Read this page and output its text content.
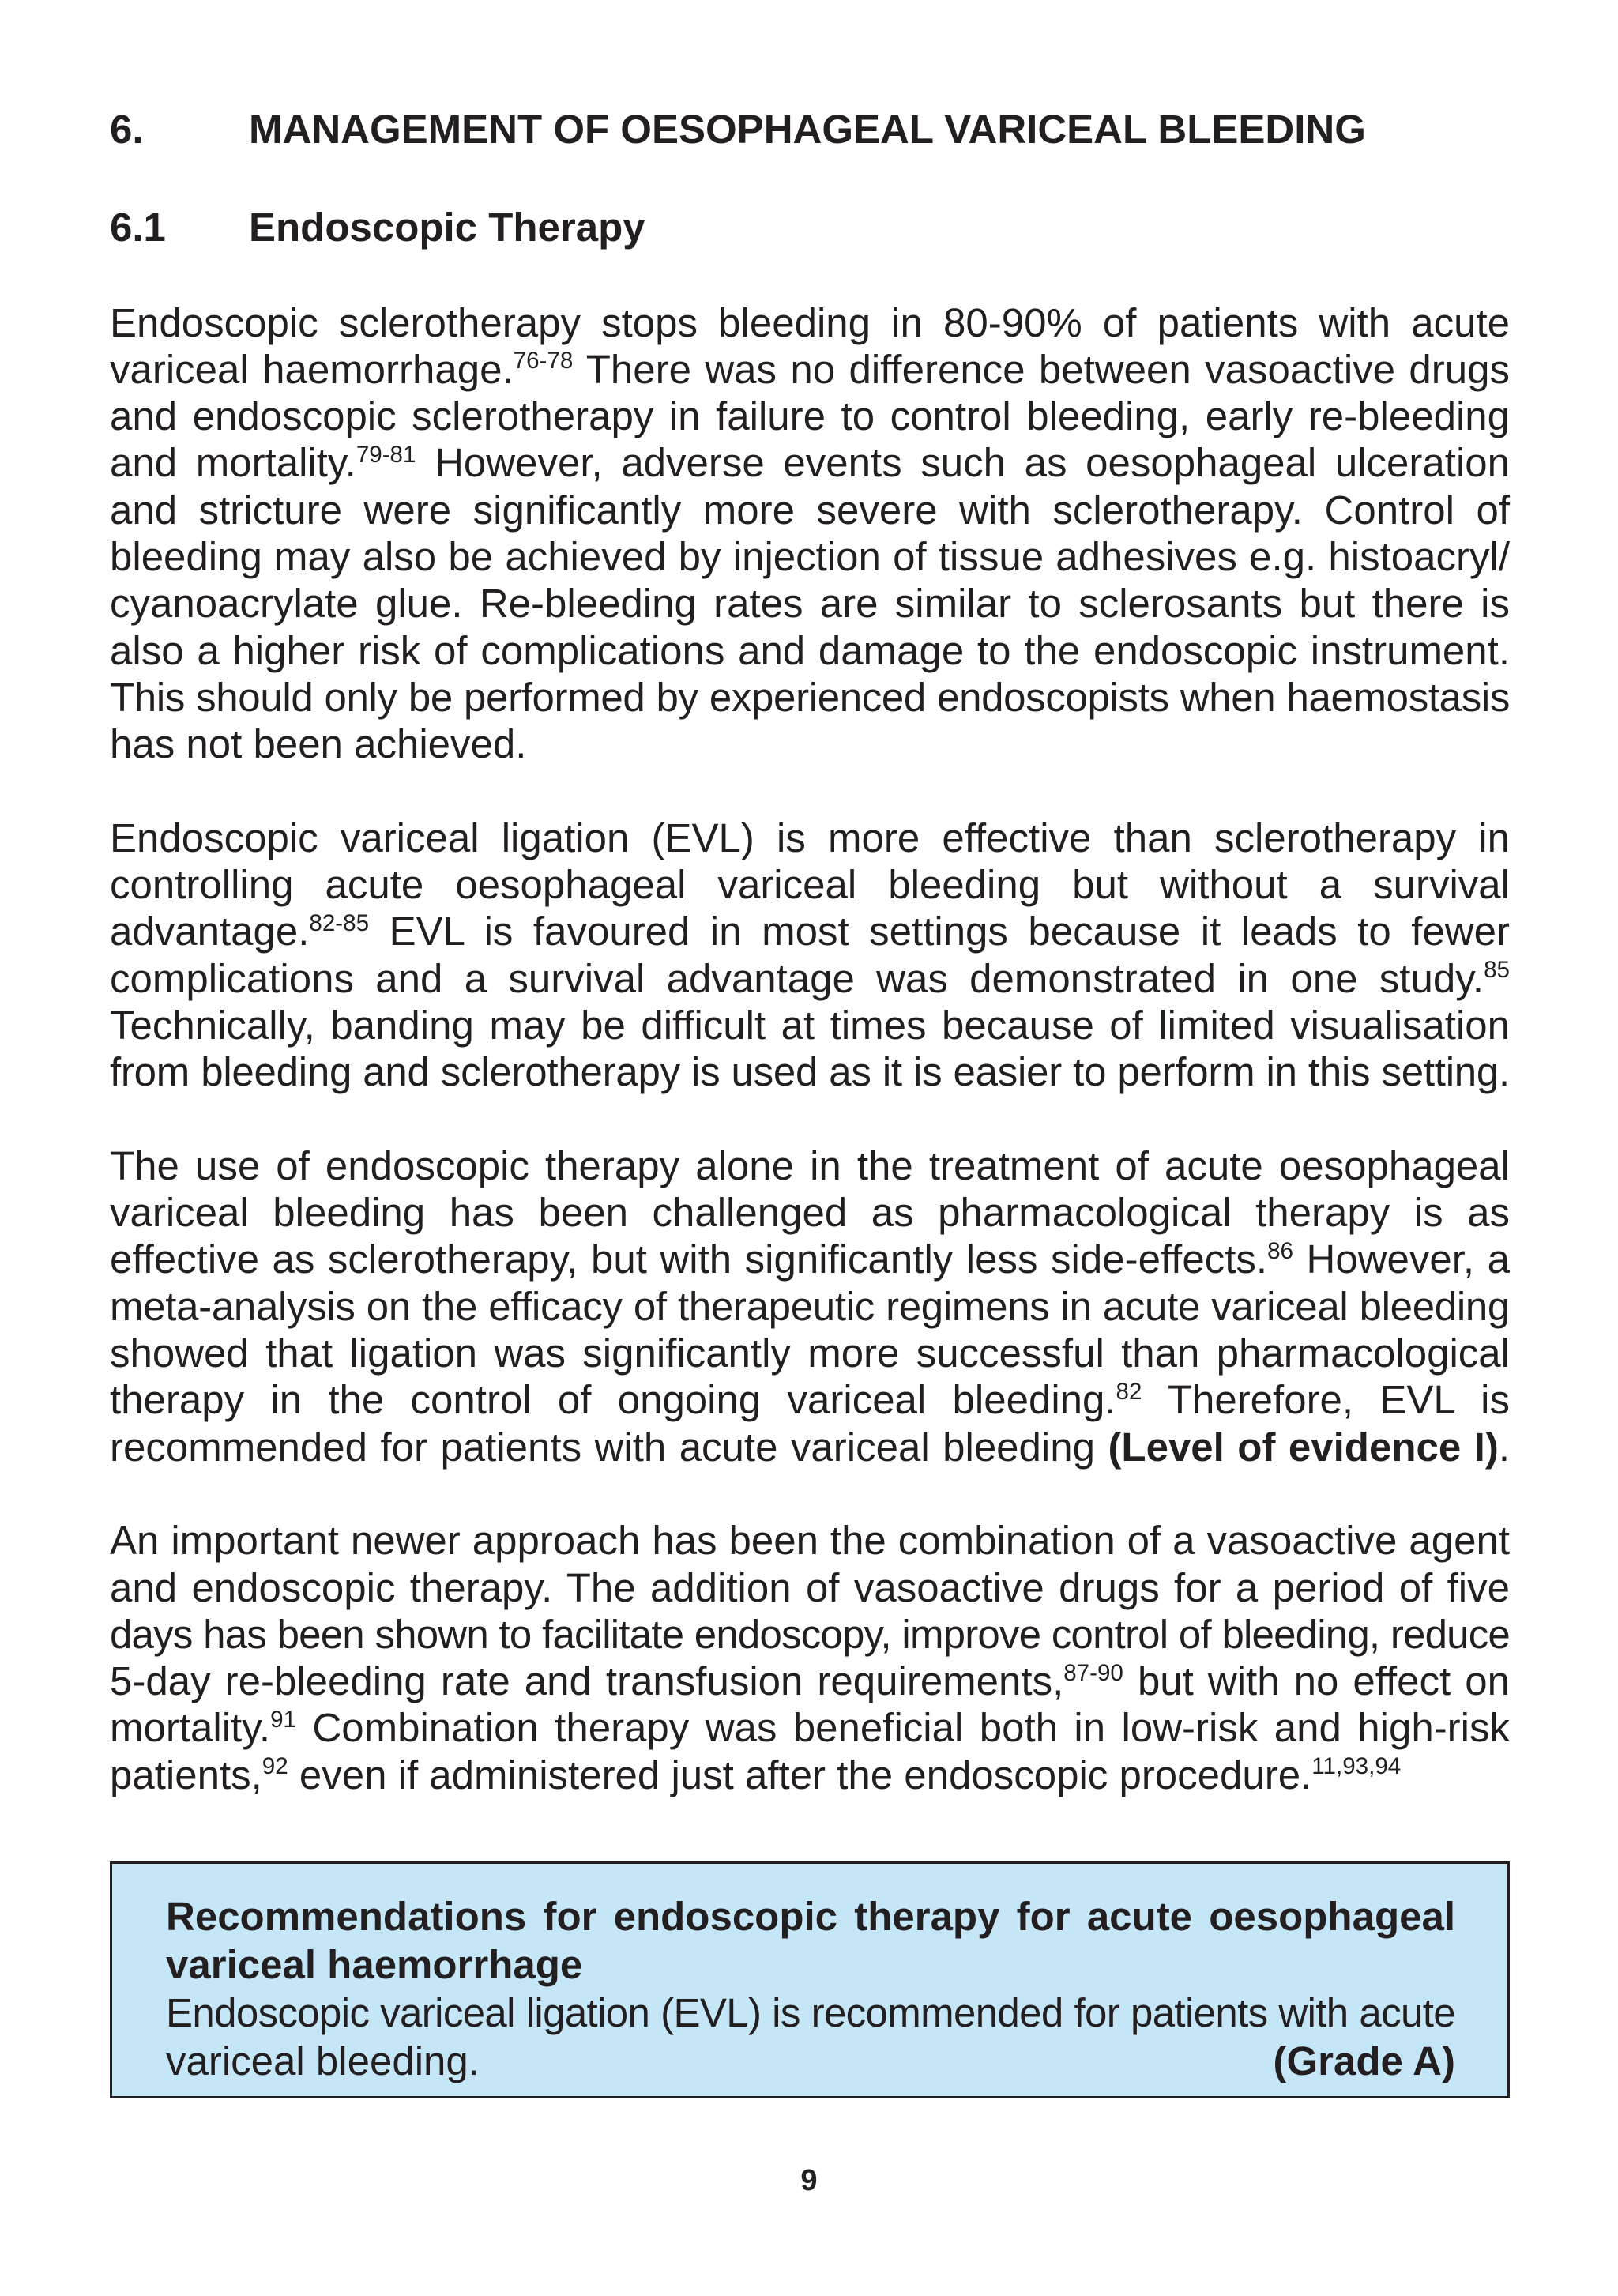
6.	MANAGEMENT OF OESOPHAGEAL VARICEAL BLEEDING
6.1	Endoscopic Therapy
Endoscopic sclerotherapy stops bleeding in 80-90% of patients with acute
variceal haemorrhage.$^{76-78}$ There was no difference between vasoactive drugs
and endoscopic sclerotherapy in failure to control bleeding, early re-bleeding
and mortality.$^{79-81}$ However, adverse events such as oesophageal ulceration
and stricture were significantly more severe with sclerotherapy. Control of
bleeding may also be achieved by injection of tissue adhesives e.g. histoacryl/
cyanoacrylate glue. Re-bleeding rates are similar to sclerosants but there is
also a higher risk of complications and damage to the endoscopic instrument.
This should only be performed by experienced endoscopists when haemostasis
has not been achieved.
Endoscopic variceal ligation (EVL) is more effective than sclerotherapy in
controlling acute oesophageal variceal bleeding but without a survival
advantage.$^{82-85}$ EVL is favoured in most settings because it leads to fewer
complications and a survival advantage was demonstrated in one study.$^{85}$
Technically, banding may be difficult at times because of limited visualisation
from bleeding and sclerotherapy is used as it is easier to perform in this setting.
The use of endoscopic therapy alone in the treatment of acute oesophageal
variceal bleeding has been challenged as pharmacological therapy is as
effective as sclerotherapy, but with significantly less side-effects.$^{86}$ However, a
meta-analysis on the efficacy of therapeutic regimens in acute variceal bleeding
showed that ligation was significantly more successful than pharmacological
therapy in the control of ongoing variceal bleeding.$^{82}$ Therefore, EVL is
recommended for patients with acute variceal bleeding (Level of evidence I).
An important newer approach has been the combination of a vasoactive agent
and endoscopic therapy. The addition of vasoactive drugs for a period of five
days has been shown to facilitate endoscopy, improve control of bleeding, reduce
5-day re-bleeding rate and transfusion requirements,$^{87-90}$ but with no effect on
mortality.$^{91}$ Combination therapy was beneficial both in low-risk and high-risk
patients,$^{92}$ even if administered just after the endoscopic procedure.$^{11,93,94}$
Recommendations for endoscopic therapy for acute oesophageal
variceal haemorrhage
Endoscopic variceal ligation (EVL) is recommended for patients with acute
variceal bleeding.	(Grade A)
9
